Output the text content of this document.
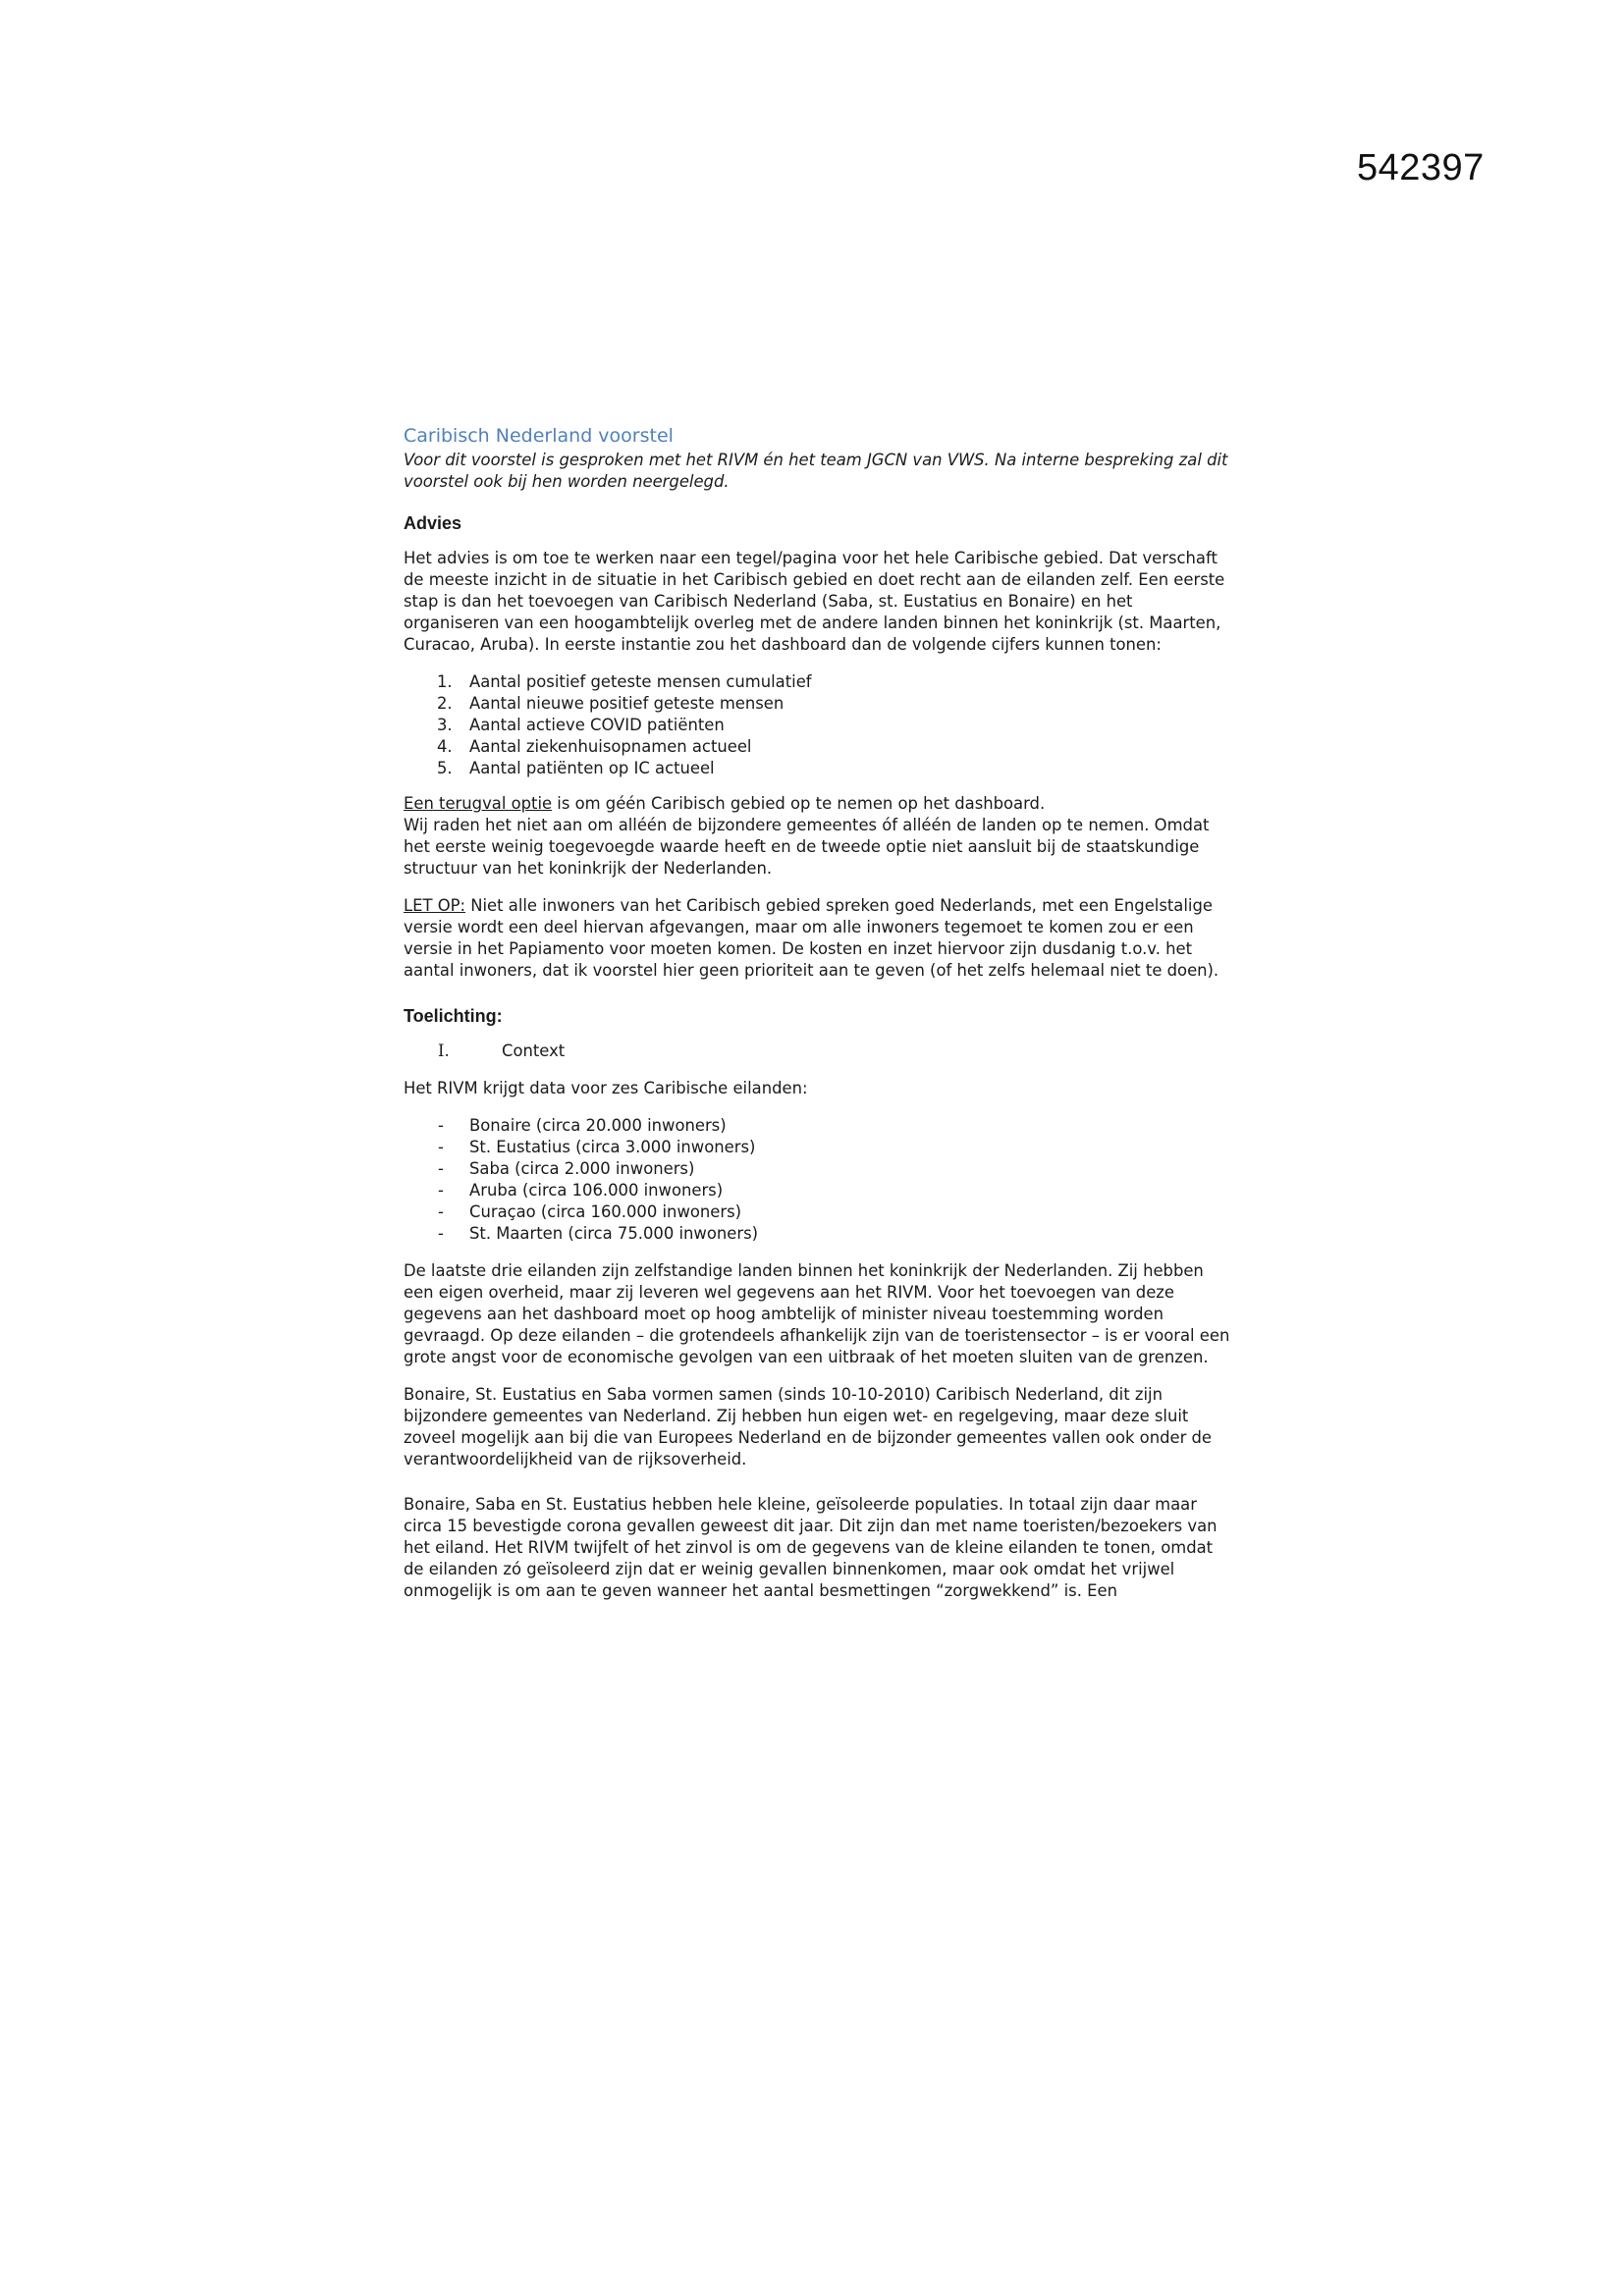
542397
Caribisch Nederland voorstel
Voor dit voorstel is gesproken met het RIVM én het team JGCN van VWS. Na interne bespreking zal dit voorstel ook bij hen worden neergelegd.
Advies

Het advies is om toe te werken naar een tegel/pagina voor het hele Caribische gebied. Dat verschaft de meeste inzicht in de situatie in het Caribisch gebied en doet recht aan de eilanden zelf. Een eerste stap is dan het toevoegen van Caribisch Nederland (Saba, st. Eustatius en Bonaire) en het organiseren van een hoogambtelijk overleg met de andere landen binnen het koninkrijk (st. Maarten, Curacao, Aruba). In eerste instantie zou het dashboard dan de volgende cijfers kunnen tonen:

1.	Aantal positief geteste mensen cumulatief
2.	Aantal nieuwe positief geteste mensen
3.	Aantal actieve COVID patiënten
4.	Aantal ziekenhuisopnamen actueel
5.	Aantal patiënten op IC actueel

Een terugval optie is om géén Caribisch gebied op te nemen op het dashboard.
Wij raden het niet aan om alléén de bijzondere gemeentes óf alléén de landen op te nemen. Omdat het eerste weinig toegevoegde waarde heeft en de tweede optie niet aansluit bij de staatskundige structuur van het koninkrijk der Nederlanden.

LET OP: Niet alle inwoners van het Caribisch gebied spreken goed Nederlands, met een Engelstalige versie wordt een deel hiervan afgevangen, maar om alle inwoners tegemoet te komen zou er een versie in het Papiamento voor moeten komen. De kosten en inzet hiervoor zijn dusdanig t.o.v. het aantal inwoners, dat ik voorstel hier geen prioriteit aan te geven (of het zelfs helemaal niet te doen).

Toelichting:
I.	Context

Het RIVM krijgt data voor zes Caribische eilanden:

- Bonaire (circa 20.000 inwoners)
- St. Eustatius (circa 3.000 inwoners)
- Saba (circa 2.000 inwoners)
- Aruba (circa 106.000 inwoners)
- Curaçao (circa 160.000 inwoners)
- St. Maarten (circa 75.000 inwoners)

De laatste drie eilanden zijn zelfstandige landen binnen het koninkrijk der Nederlanden. Zij hebben een eigen overheid, maar zij leveren wel gegevens aan het RIVM. Voor het toevoegen van deze gegevens aan het dashboard moet op hoog ambtelijk of minister niveau toestemming worden gevraagd. Op deze eilanden – die grotendeels afhankelijk zijn van de toeristensector – is er vooral een grote angst voor de economische gevolgen van een uitbraak of het moeten sluiten van de grenzen.

Bonaire, St. Eustatius en Saba vormen samen (sinds 10-10-2010) Caribisch Nederland, dit zijn bijzondere gemeentes van Nederland. Zij hebben hun eigen wet- en regelgeving, maar deze sluit zoveel mogelijk aan bij die van Europees Nederland en de bijzonder gemeentes vallen ook onder de verantwoordelijkheid van de rijksoverheid.

Bonaire, Saba en St. Eustatius hebben hele kleine, geïsoleerde populaties. In totaal zijn daar maar circa 15 bevestigde corona gevallen geweest dit jaar. Dit zijn dan met name toeristen/bezoekers van het eiland. Het RIVM twijfelt of het zinvol is om de gegevens van de kleine eilanden te tonen, omdat de eilanden zó geïsoleerd zijn dat er weinig gevallen binnenkomen, maar ook omdat het vrijwel onmogelijk is om aan te geven wanneer het aantal besmettingen “zorgwekkend” is. Een
